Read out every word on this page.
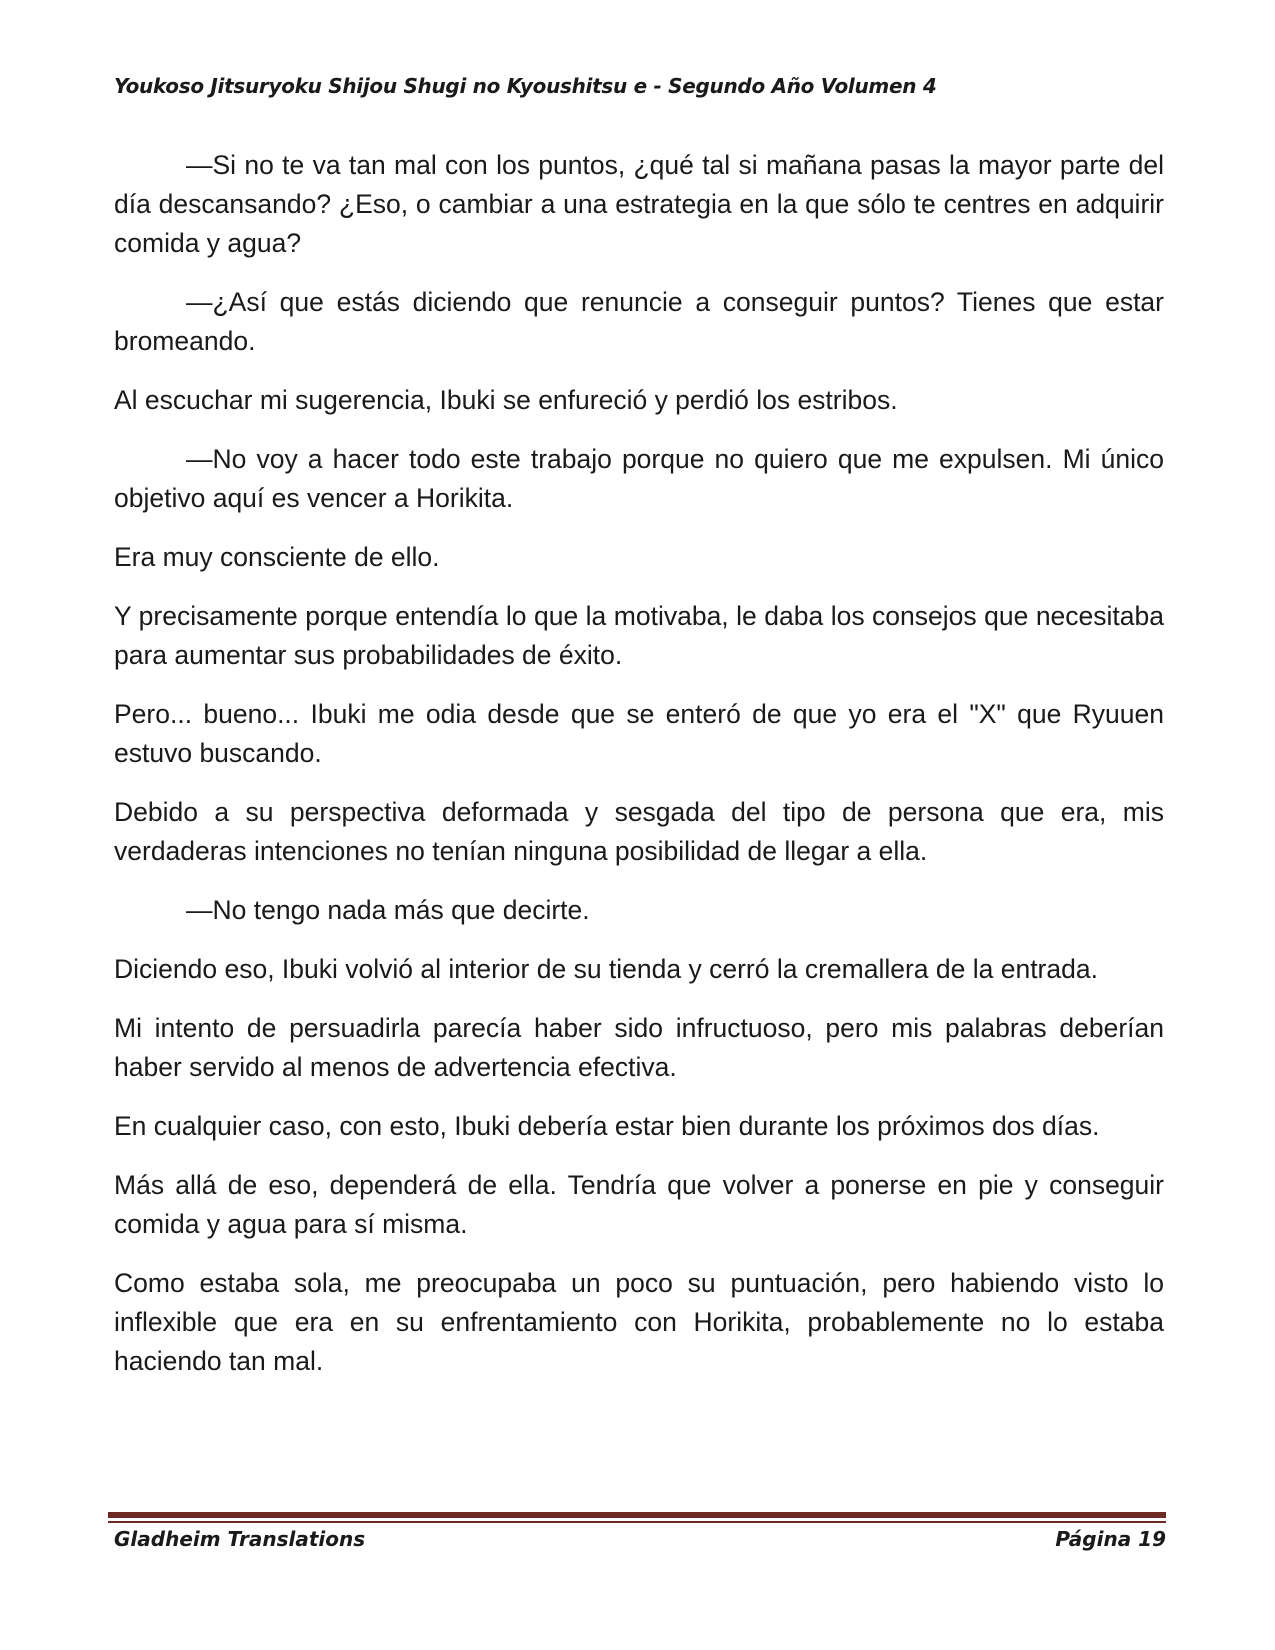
Youkoso Jitsuryoku Shijou Shugi no Kyoushitsu e - Segundo Año Volumen 4

—Si no te va tan mal con los puntos, ¿qué tal si mañana pasas la mayor parte del día descansando? ¿Eso, o cambiar a una estrategia en la que sólo te centres en adquirir comida y agua?

—¿Así que estás diciendo que renuncie a conseguir puntos? Tienes que estar bromeando.

Al escuchar mi sugerencia, Ibuki se enfureció y perdió los estribos.

—No voy a hacer todo este trabajo porque no quiero que me expulsen. Mi único objetivo aquí es vencer a Horikita.

Era muy consciente de ello.

Y precisamente porque entendía lo que la motivaba, le daba los consejos que necesitaba para aumentar sus probabilidades de éxito.

Pero... bueno... Ibuki me odia desde que se enteró de que yo era el "X" que Ryuuen estuvo buscando.

Debido a su perspectiva deformada y sesgada del tipo de persona que era, mis verdaderas intenciones no tenían ninguna posibilidad de llegar a ella.

—No tengo nada más que decirte.

Diciendo eso, Ibuki volvió al interior de su tienda y cerró la cremallera de la entrada.

Mi intento de persuadirla parecía haber sido infructuoso, pero mis palabras deberían haber servido al menos de advertencia efectiva.

En cualquier caso, con esto, Ibuki debería estar bien durante los próximos dos días.

Más allá de eso, dependerá de ella. Tendría que volver a ponerse en pie y conseguir comida y agua para sí misma.

Como estaba sola, me preocupaba un poco su puntuación, pero habiendo visto lo inflexible que era en su enfrentamiento con Horikita, probablemente no lo estaba haciendo tan mal.

Gladheim Translations	Página 19
